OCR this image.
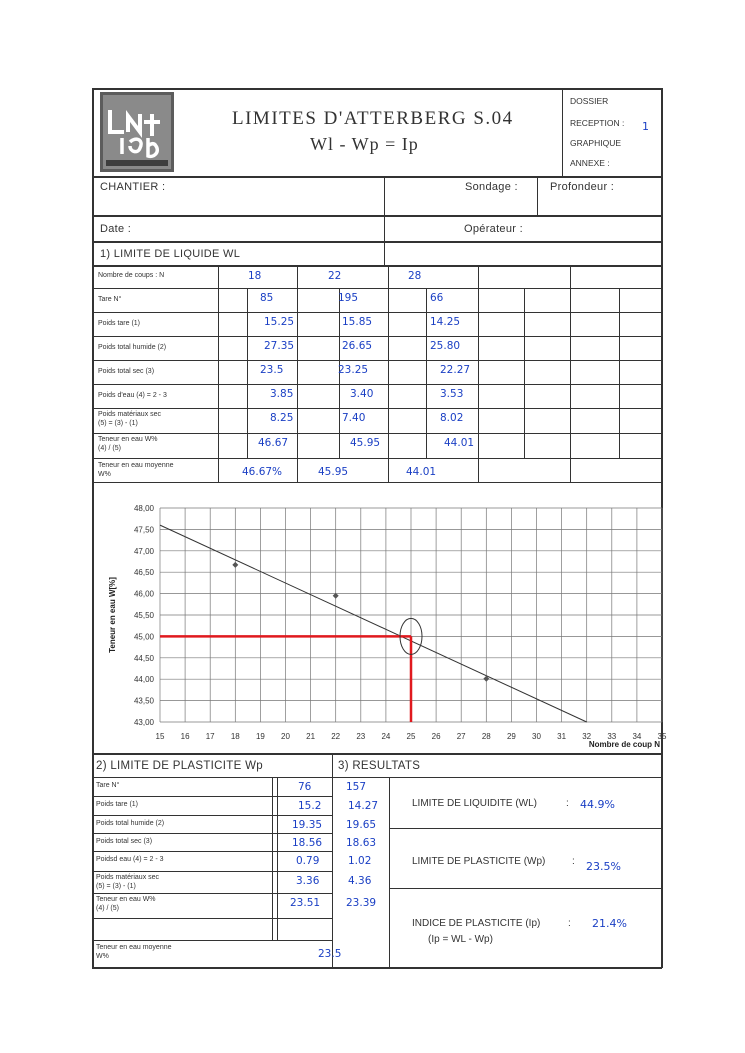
LIMITES D'ATTERBERG S.04
Wl - Wp = Ip
DOSSIER
RECEPTION : 1
GRAPHIQUE
ANNEXE :
CHANTIER :	Sondage :	Profondeur :
Date :	Opérateur :
1) LIMITE DE LIQUIDE WL
Nombre de coups : N	18	22	28
Tare N°	85	195	66
Poids tare (1)	15.25	15.85	14.25
Poids total humide (2)	27.35	26.65	25.80
Poids total sec (3)	23.5	23.25	22.27
Poids d'eau (4) = 2 - 3	3.85	3.40	3.53
Poids matériaux sec
(5) = (3) - (1)	8.25	7.40	8.02
Teneur en eau W%
(4) / (5)	46.67	45.95	44.01
Teneur en eau moyenne
W%	46.67%	45.95	44.01
48,00
47,50
47,00
46,50
46,00
45,50
45,00
44,50
44,00
43,50
43,00
15 16 17 18 19 20 21 22 23 24 25 26 27 28 29 30 31 32 33 34 35
Nombre de coup N
Teneur en eau W[%]
2) LIMITE DE PLASTICITE Wp	3) RESULTATS
Tare N°	76	157
Poids tare (1)	15.2	14.27
Poids total humide (2)	19.35 19.65
Poids total sec (3)	18.56 18.63
Poidsd eau (4) = 2 - 3	0.79	1.02
Poids matériaux sec
(5) = (3) - (1)	3.36	4.36
Teneur en eau W%
(4) / (5)	23.51 23.39
Teneur en eau moyenne
W%	23.5
LIMITE DE LIQUIDITE (WL)	: 44.9%
LIMITE DE PLASTICITE (Wp)	: 23.5%
INDICE DE PLASTICITE (Ip)	: 21.4%
(Ip = WL - Wp)
